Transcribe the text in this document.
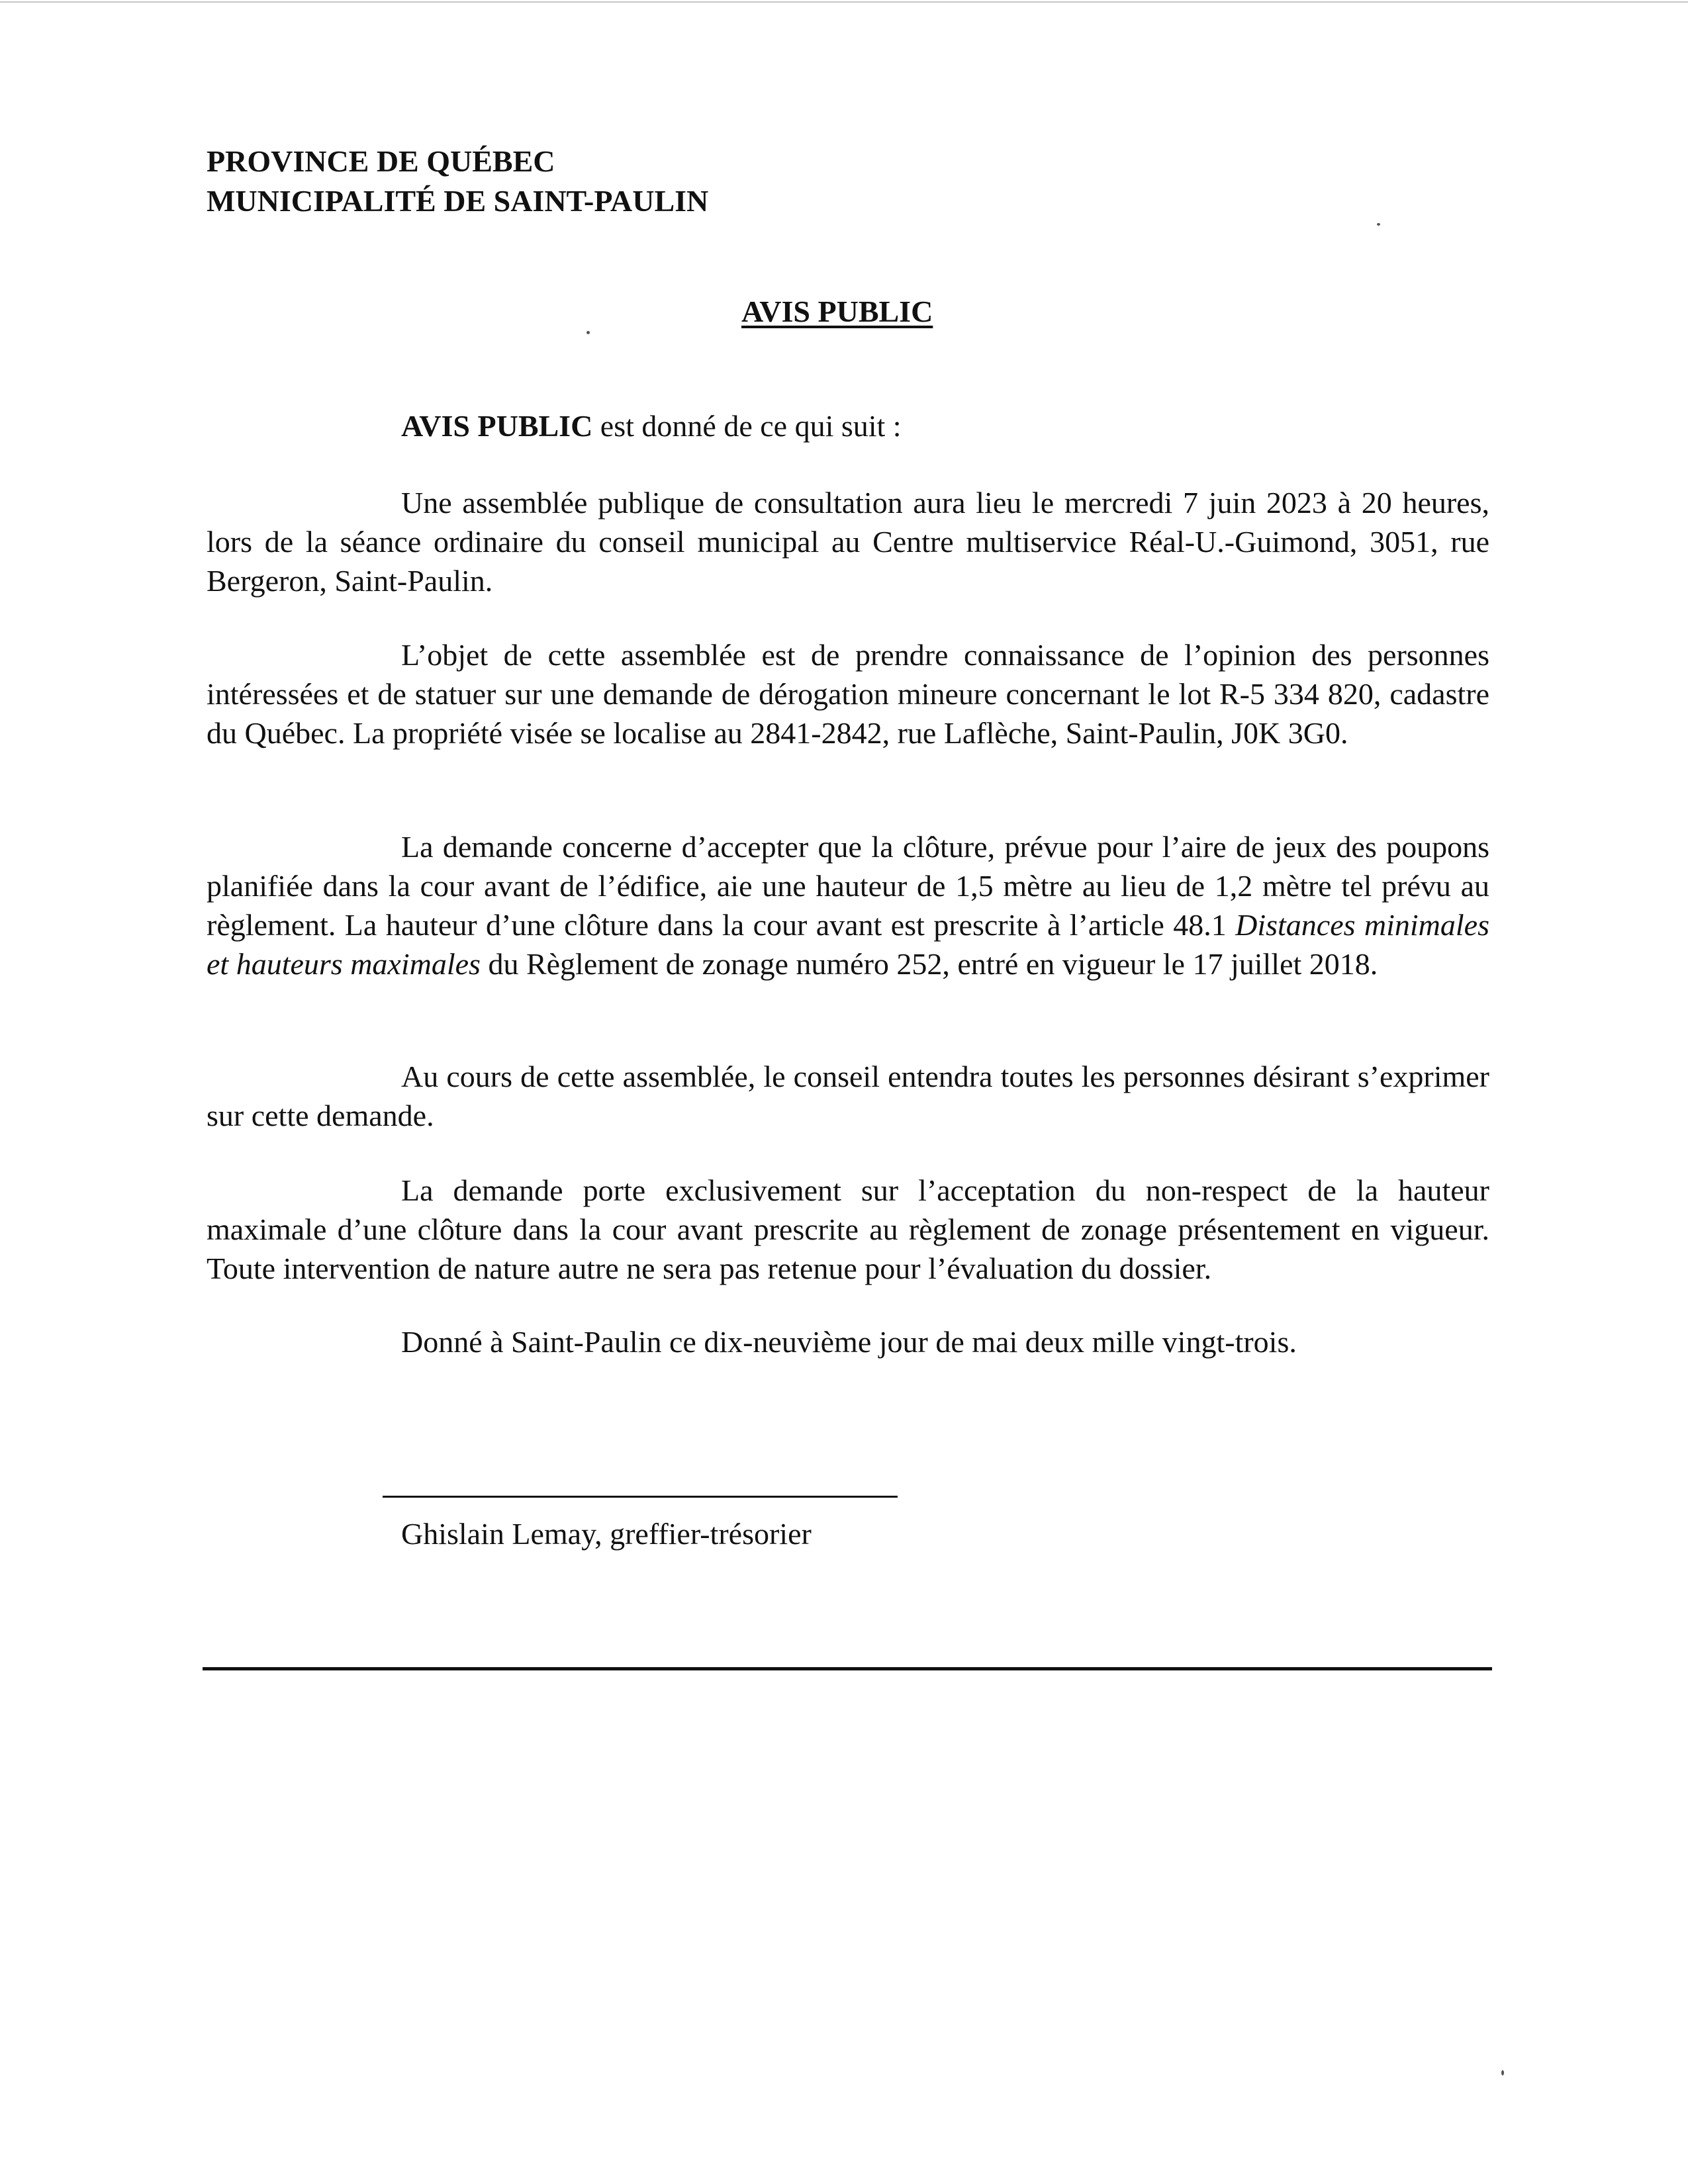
PROVINCE DE QUÉBEC
MUNICIPALITÉ DE SAINT-PAULIN
AVIS PUBLIC
AVIS PUBLIC est donné de ce qui suit :
Une assemblée publique de consultation aura lieu le mercredi 7 juin 2023 à 20 heures, lors de la séance ordinaire du conseil municipal au Centre multiservice Réal-U.-Guimond, 3051, rue Bergeron, Saint-Paulin.
L’objet de cette assemblée est de prendre connaissance de l’opinion des personnes intéressées et de statuer sur une demande de dérogation mineure concernant le lot R-5 334 820, cadastre du Québec. La propriété visée se localise au 2841-2842, rue Laflèche, Saint-Paulin, J0K 3G0.
La demande concerne d’accepter que la clôture, prévue pour l’aire de jeux des poupons planifiée dans la cour avant de l’édifice, aie une hauteur de 1,5 mètre au lieu de 1,2 mètre tel prévu au règlement. La hauteur d’une clôture dans la cour avant est prescrite à l’article 48.1 Distances minimales et hauteurs maximales du Règlement de zonage numéro 252, entré en vigueur le 17 juillet 2018.
Au cours de cette assemblée, le conseil entendra toutes les personnes désirant s’exprimer sur cette demande.
La demande porte exclusivement sur l’acceptation du non-respect de la hauteur maximale d’une clôture dans la cour avant prescrite au règlement de zonage présentement en vigueur. Toute intervention de nature autre ne sera pas retenue pour l’évaluation du dossier.
Donné à Saint-Paulin ce dix-neuvième jour de mai deux mille vingt-trois.
Ghislain Lemay, greffier-trésorier
